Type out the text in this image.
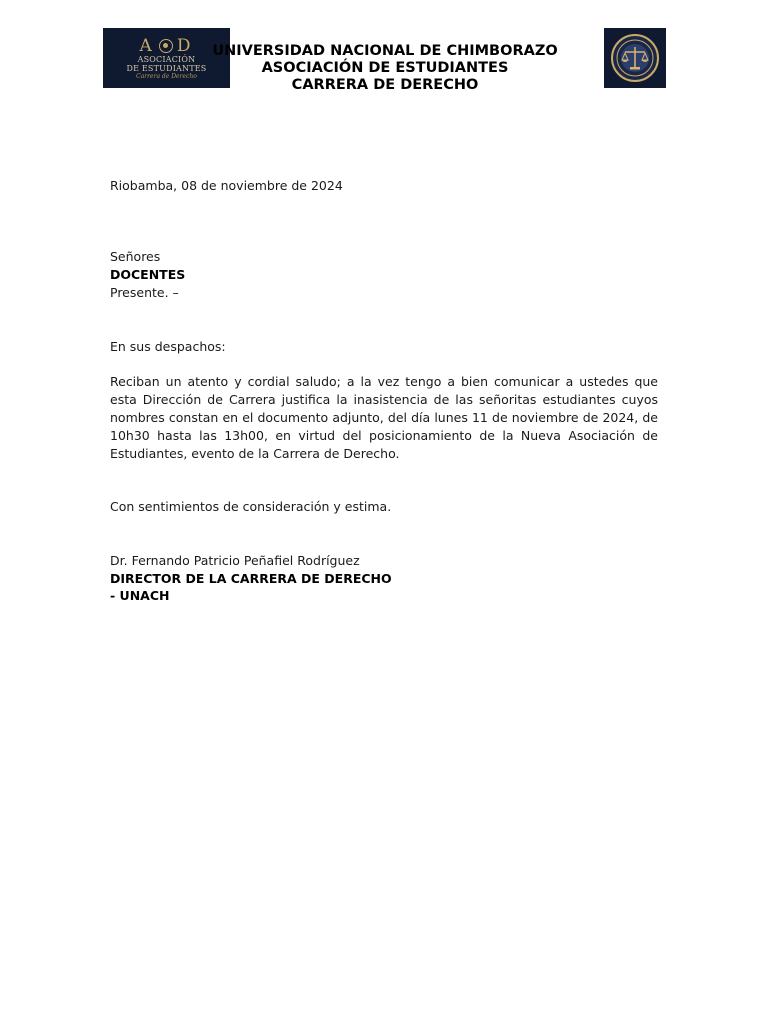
A D
ASOCIACIÓN
DE ESTUDIANTES
Carrera de Derecho
UNIVERSIDAD NACIONAL DE CHIMBORAZO
ASOCIACIÓN DE ESTUDIANTES
CARRERA DE DERECHO
Riobamba, 08 de noviembre de 2024
Señores
DOCENTES
Presente. –
En sus despachos:
Reciban un atento y cordial saludo; a la vez tengo a bien comunicar a ustedes que esta Dirección de Carrera justifica la inasistencia de las señoritas estudiantes cuyos nombres constan en el documento adjunto, del día lunes 11 de noviembre de 2024, de 10h30 hasta las 13h00, en virtud del posicionamiento de la Nueva Asociación de Estudiantes, evento de la Carrera de Derecho.
Con sentimientos de consideración y estima.
Dr. Fernando Patricio Peñafiel Rodríguez
DIRECTOR DE LA CARRERA DE DERECHO
- UNACH
